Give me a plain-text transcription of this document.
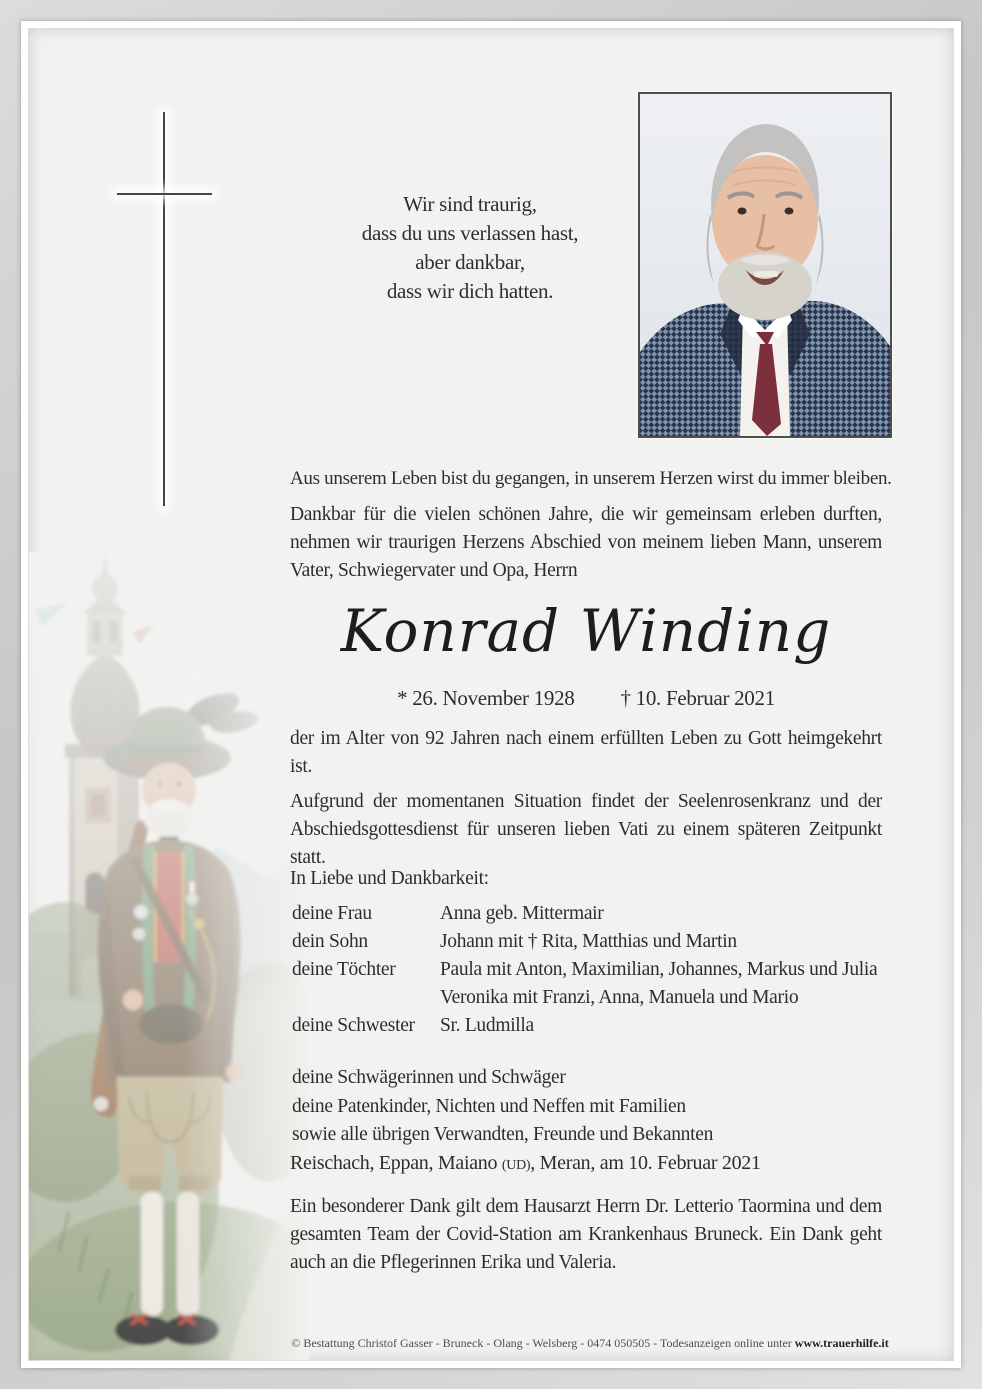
Wir sind traurig,
dass du uns verlassen hast,
aber dankbar,
dass wir dich hatten.
Aus unserem Leben bist du gegangen, in unserem Herzen wirst du immer bleiben.
Dankbar für die vielen schönen Jahre, die wir gemeinsam erleben durften, nehmen wir traurigen Herzens Abschied von meinem lieben Mann, unserem Vater, Schwiegervater und Opa, Herrn
Konrad Winding
* 26. November 1928 † 10. Februar 2021
der im Alter von 92 Jahren nach einem erfüllten Leben zu Gott heimgekehrt ist.
Aufgrund der momentanen Situation findet der Seelenrosenkranz und der Abschiedsgottesdienst für unseren lieben Vati zu einem späteren Zeitpunkt statt.
In Liebe und Dankbarkeit:
deine Frau	Anna geb. Mittermair
dein Sohn	Johann mit † Rita, Matthias und Martin
deine Töchter	Paula mit Anton, Maximilian, Johannes, Markus und Julia
Veronika mit Franzi, Anna, Manuela und Mario
deine Schwester	Sr. Ludmilla
deine Schwägerinnen und Schwäger
deine Patenkinder, Nichten und Neffen mit Familien
sowie alle übrigen Verwandten, Freunde und Bekannten
Reischach, Eppan, Maiano (UD), Meran, am 10. Februar 2021
Ein besonderer Dank gilt dem Hausarzt Herrn Dr. Letterio Taormina und dem gesamten Team der Covid-Station am Krankenhaus Bruneck. Ein Dank geht auch an die Pflegerinnen Erika und Valeria.
© Bestattung Christof Gasser - Bruneck - Olang - Welsberg - 0474 050505 - Todesanzeigen online unter www.trauerhilfe.it
